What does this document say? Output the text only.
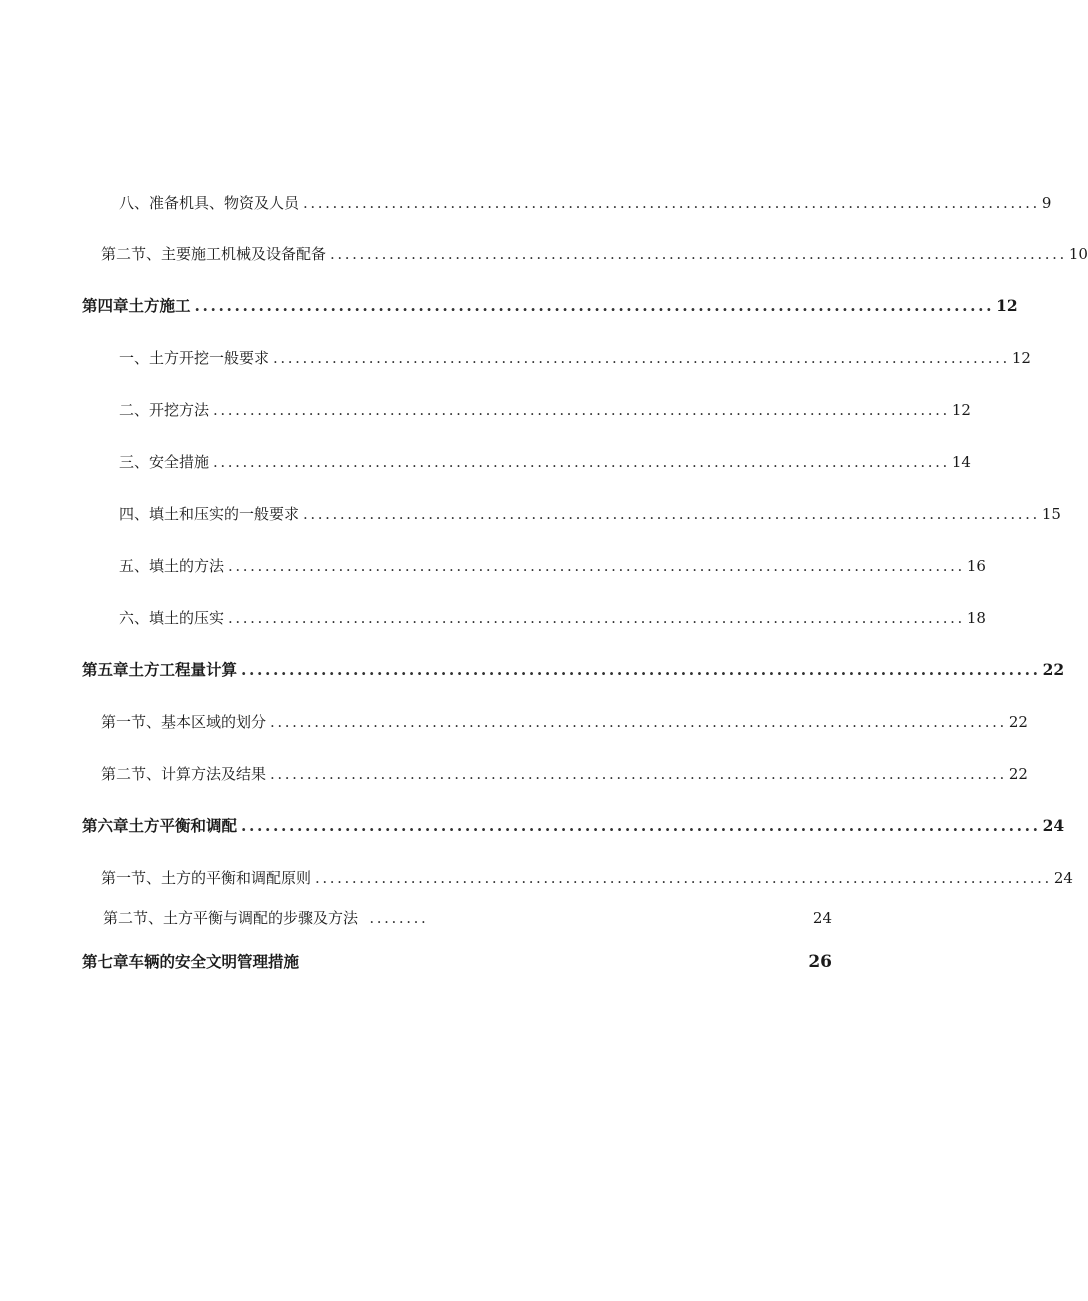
八、准备机具、物资及人员 .................................................................................................... 9
第二节、主要施工机械及设备配备 .................................................................................................... 10
第四章土方施工 .................................................................................................... 12
一、土方开挖一般要求 .................................................................................................... 12
二、开挖方法 .................................................................................................... 12
三、安全措施 .................................................................................................... 14
四、填土和压实的一般要求 .................................................................................................... 15
五、填土的方法 .................................................................................................... 16
六、填土的压实 .................................................................................................... 18
第五章土方工程量计算 .................................................................................................... 22
第一节、基本区域的划分 .................................................................................................... 22
第二节、计算方法及结果 .................................................................................................... 22
第六章土方平衡和调配 .................................................................................................... 24
第一节、土方的平衡和调配原则 .................................................................................................... 24
第二节、土方平衡与调配的步骤及方法 ........	24
第七章车辆的安全文明管理措施	26
